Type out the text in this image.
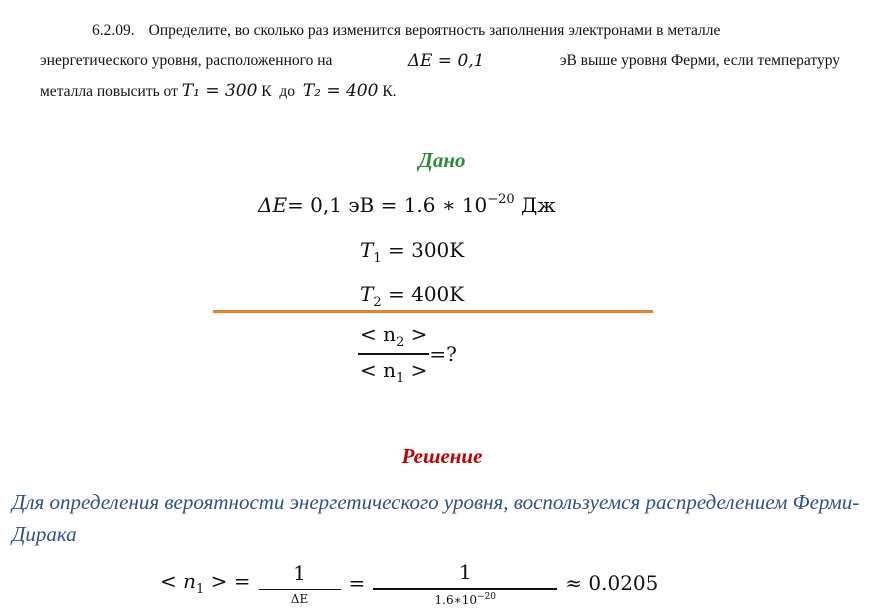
6.2.09. Определите, во сколько раз изменится вероятность заполнения электронами в металле
энергетического уровня, расположенного на	ΔE = 0,1	эВ выше уровня Ферми, если температуру
металла повысить от T₁ = 300 К до T₂ = 400 К.
Дано
ΔE= 0,1 эВ = 1.6 ∗ $10^{-20}$ Дж
$T_1 = 300K$
$T_2 = 400K$
$\frac{< n_2 >}{< n_1 >}$ =?
Решение
Для определения вероятности энергетического уровня, воспользуемся распределением Ферми-Дирака
< $n_1$ > = 1
ΔE
=	1
$1.6∗10^{-20}$
≈ 0.0205
